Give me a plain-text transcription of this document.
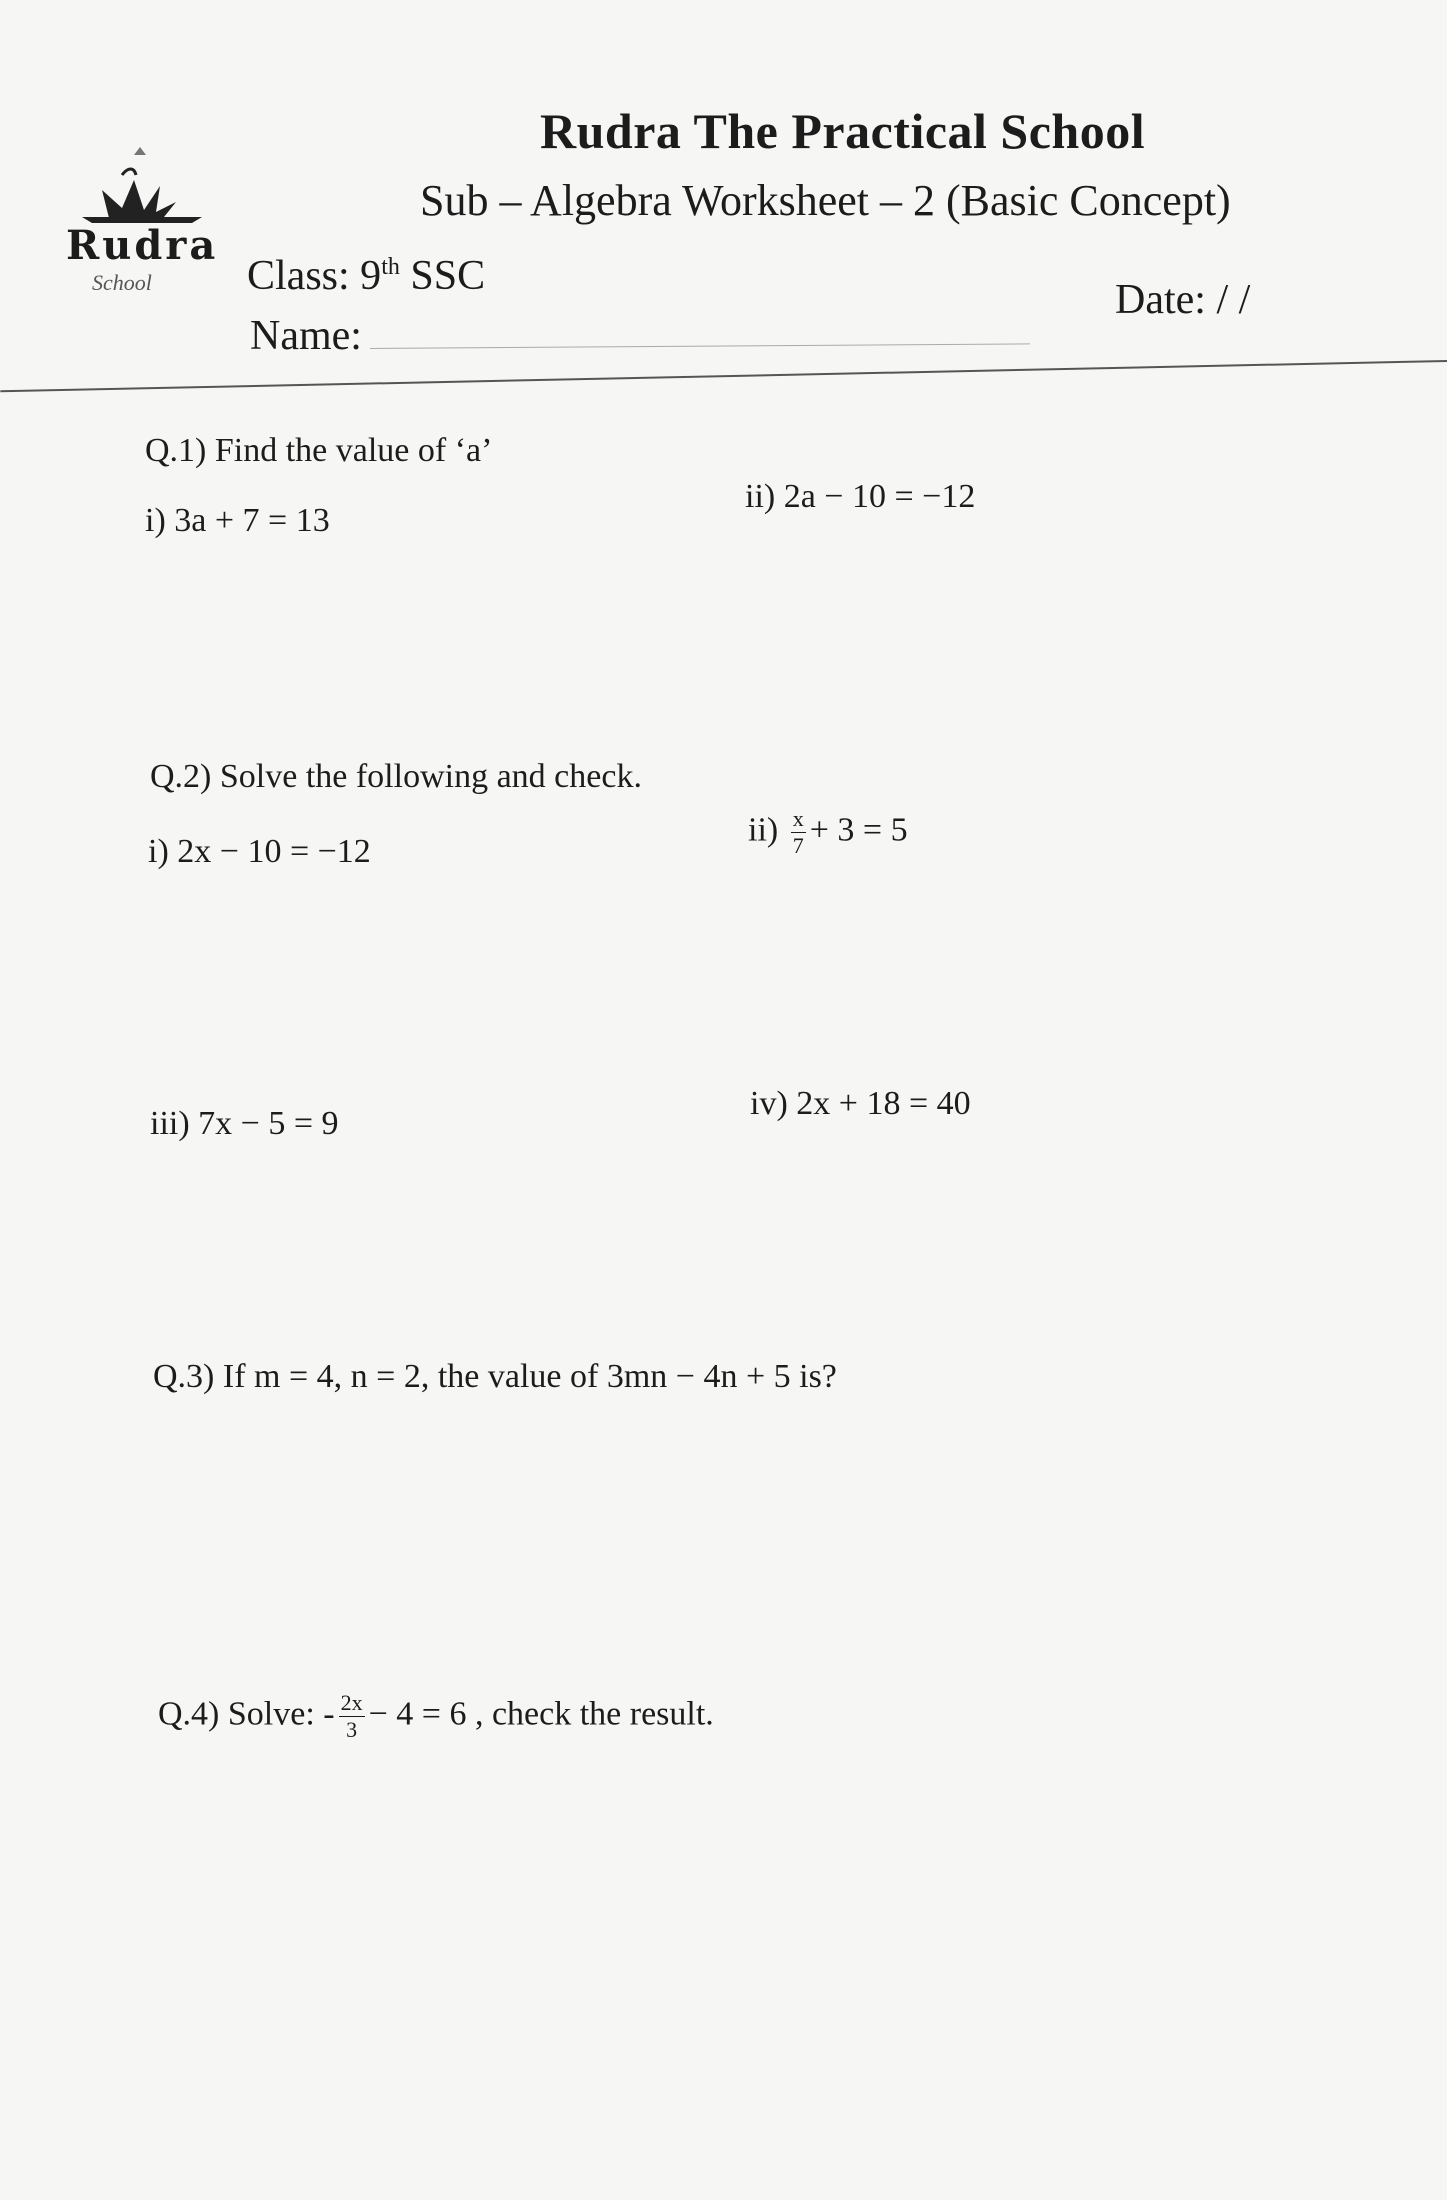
Rudra
School
Rudra The Practical School
Sub – Algebra Worksheet – 2 (Basic Concept)
Class: 9th SSC
Name:
Date: / /
Q.1) Find the value of ‘a’
i) 3a + 7 = 13
ii) 2a − 10 = −12
Q.2) Solve the following and check.
i) 2x − 10 = −12
$ii) \frac{x}{7} + 3 = 5$
iii) 7x − 5 = 9
iv) 2x + 18 = 40
Q.3) If m = 4, n = 2, the value of 3mn − 4n + 5 is?
Q.4) Solve: - $\frac{2x}{3} - 4 = 6$ , check the result.
